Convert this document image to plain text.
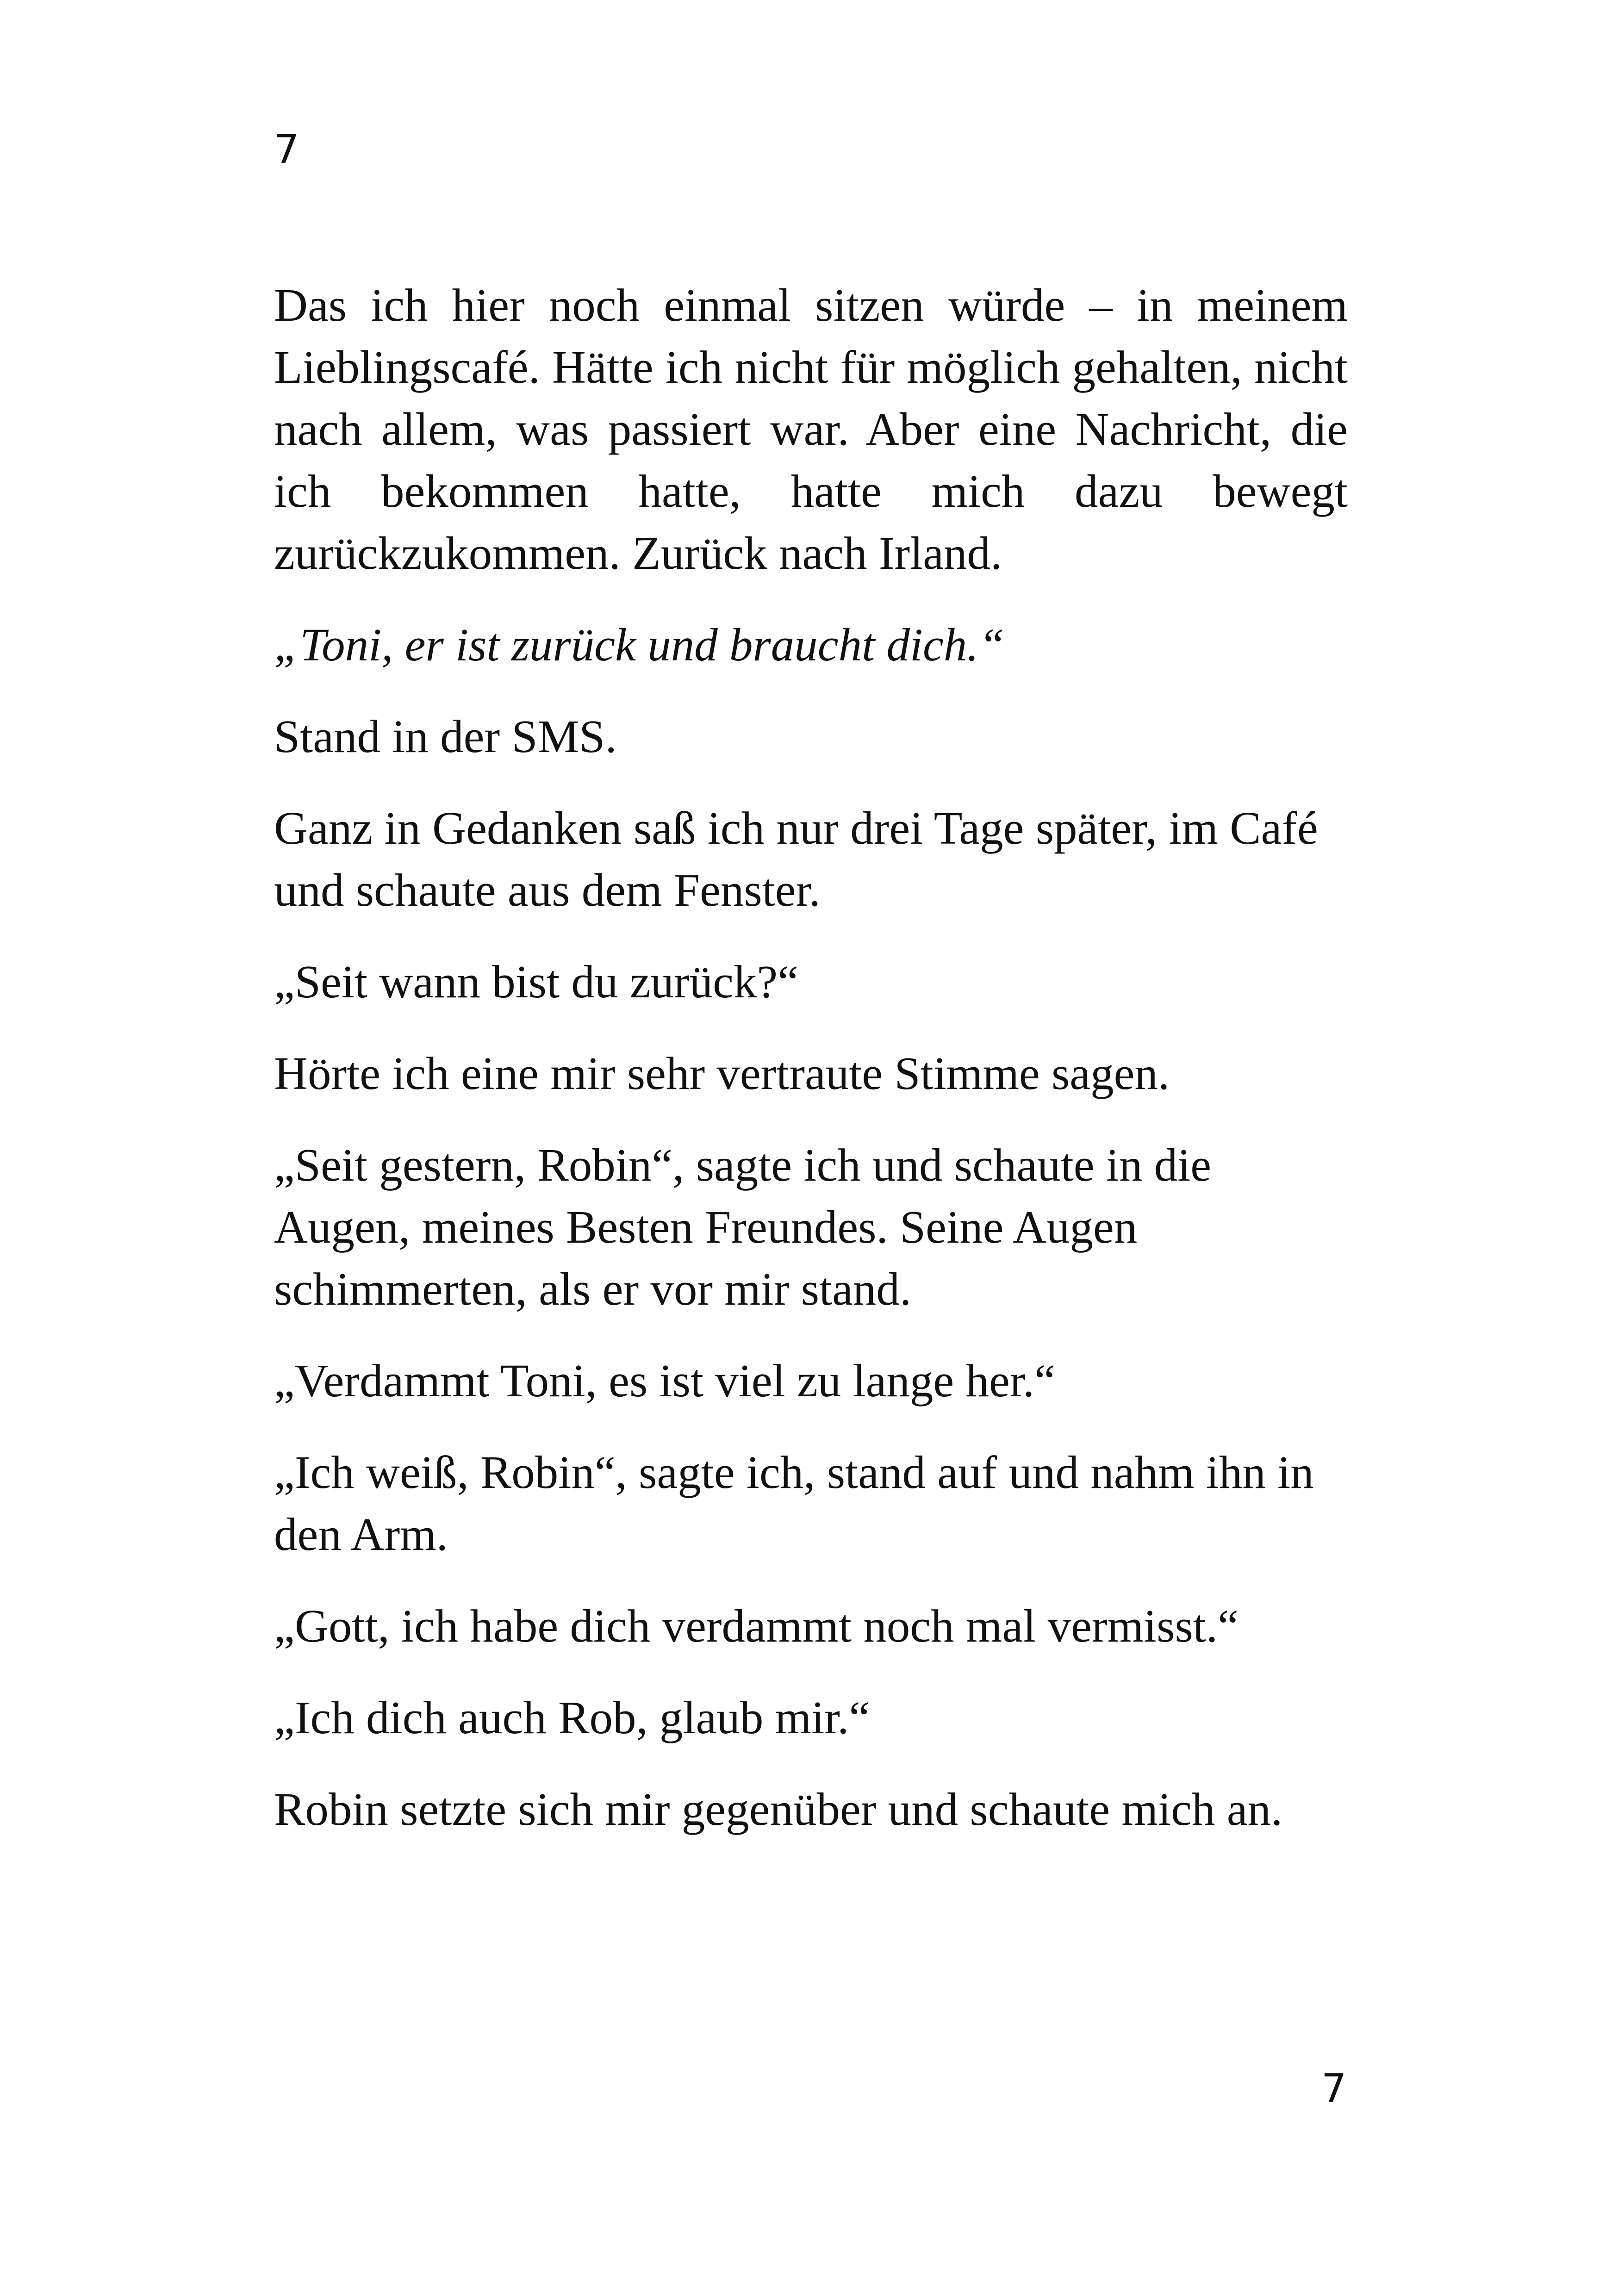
7

Das ich hier noch einmal sitzen würde – in meinem Lieblingscafé. Hätte ich nicht für möglich gehalten, nicht nach allem, was passiert war. Aber eine Nachricht, die ich bekommen hatte, hatte mich dazu bewegt zurückzukommen. Zurück nach Irland.

„Toni, er ist zurück und braucht dich.“

Stand in der SMS.

Ganz in Gedanken saß ich nur drei Tage später, im Café und schaute aus dem Fenster.

„Seit wann bist du zurück?“

Hörte ich eine mir sehr vertraute Stimme sagen.

„Seit gestern, Robin“, sagte ich und schaute in die Augen, meines Besten Freundes. Seine Augen schimmerten, als er vor mir stand.

„Verdammt Toni, es ist viel zu lange her.“

„Ich weiß, Robin“, sagte ich, stand auf und nahm ihn in den Arm.

„Gott, ich habe dich verdammt noch mal vermisst.“

„Ich dich auch Rob, glaub mir.“

Robin setzte sich mir gegenüber und schaute mich an.

7
